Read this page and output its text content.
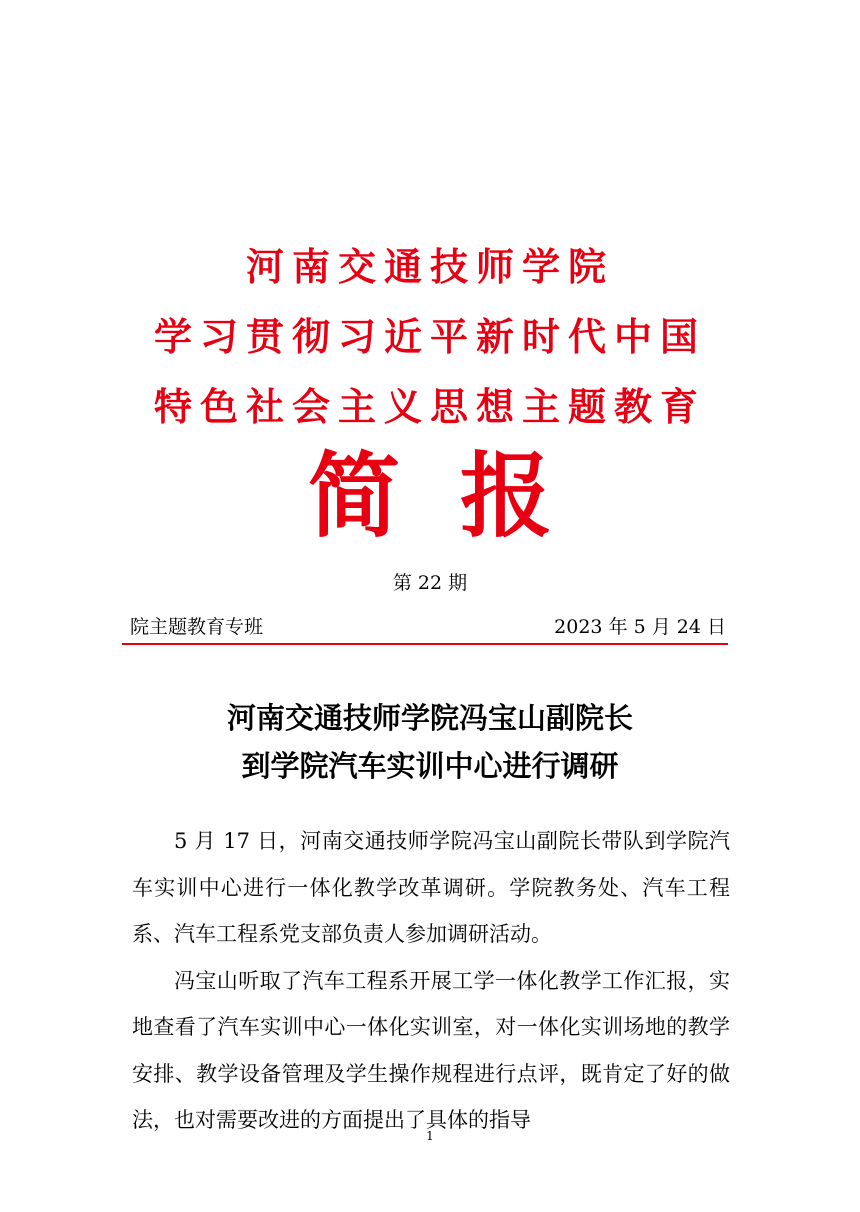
河南交通技师学院
学习贯彻习近平新时代中国
特色社会主义思想主题教育
简报
第 22 期
院主题教育专班	2023 年 5 月 24 日
河南交通技师学院冯宝山副院长
到学院汽车实训中心进行调研

5 月 17 日，河南交通技师学院冯宝山副院长带队到学院汽车实训中心进行一体化教学改革调研。学院教务处、汽车工程系、汽车工程系党支部负责人参加调研活动。

冯宝山听取了汽车工程系开展工学一体化教学工作汇报，实地查看了汽车实训中心一体化实训室，对一体化实训场地的教学安排、教学设备管理及学生操作规程进行点评，既肯定了好的做法，也对需要改进的方面提出了具体的指导

1
